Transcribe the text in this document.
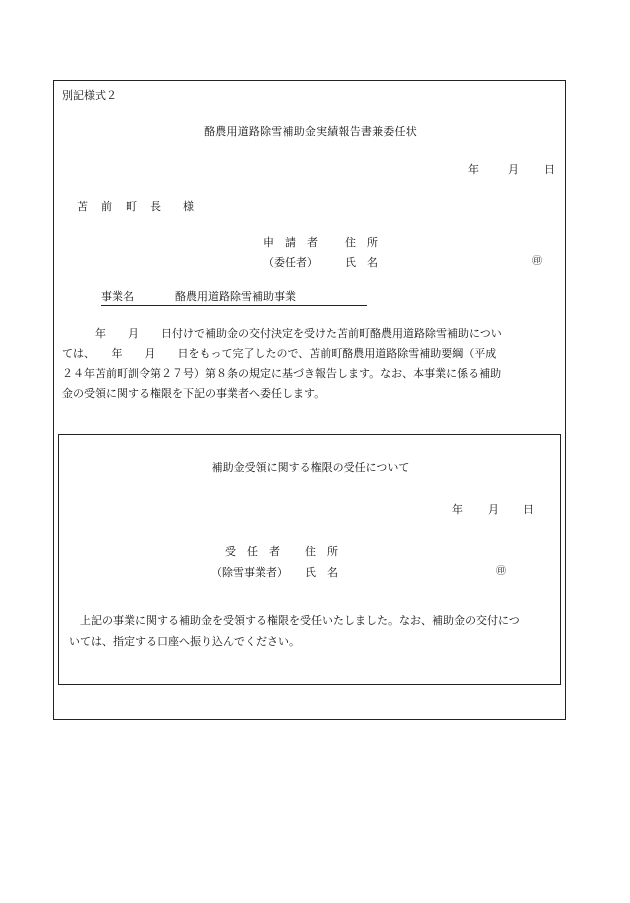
別記様式２
酪農用道路除雪補助金実績報告書兼委任状
年	月 日
苫 前 町 長 様
申　請　者 住　所
（委任者） 氏　名	㊞
事業名	酪農用道路除雪補助事業
　　　年　　月　　日付けで補助金の交付決定を受けた苫前町酪農用道路除雪補助につい
ては、　　年　　月　　日をもって完了したので、苫前町酪農用道路除雪補助要綱（平成
２４年苫前町訓令第２７号）第８条の規定に基づき報告します。なお、本事業に係る補助
金の受領に関する権限を下記の事業者へ委任します。
補助金受領に関する権限の受任について
年 月 日
受　任　者 住　所
（除雪事業者） 氏　名	㊞
　上記の事業に関する補助金を受領する権限を受任いたしました。なお、補助金の交付につ
いては、指定する口座へ振り込んでください。
